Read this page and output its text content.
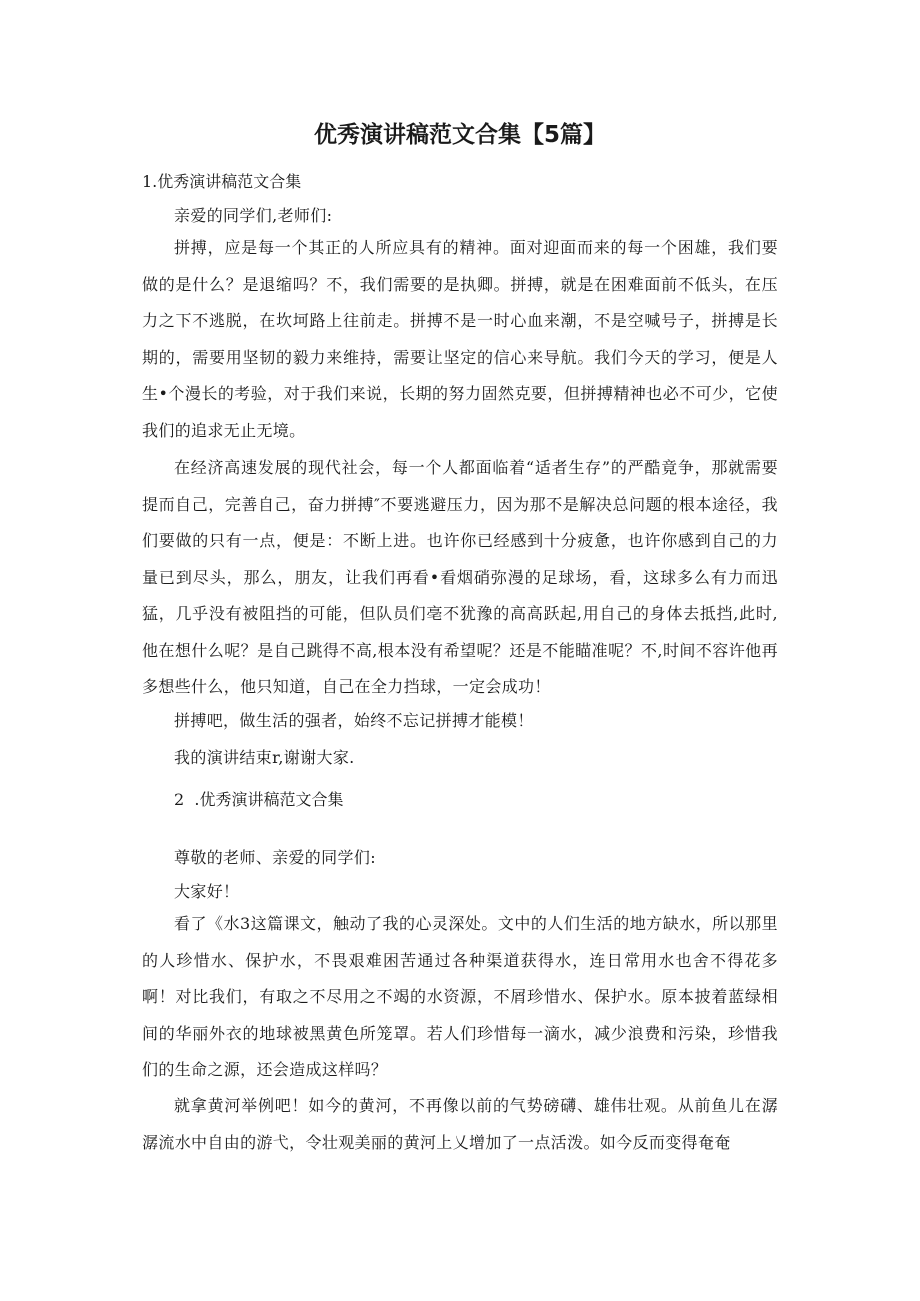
优秀演讲稿范文合集【5篇】
1.优秀演讲稿范文合集
亲爱的同学们,老师们:
拼搏，应是每一个其正的人所应具有的精神。面对迎面而来的每一个困雄，我们要做的是什么？是退缩吗？不，我们需要的是执卿。拼搏，就是在困难面前不低头，在压力之下不逃脱，在坎坷路上往前走。拼搏不是一时心血来潮，不是空喊号子，拼搏是长期的，需要用坚韧的毅力来维持，需要让坚定的信心来导航。我们今天的学习，便是人生•个漫长的考验，对于我们来说，长期的努力固然克要，但拼搏精神也必不可少，它使我们的追求无止无境。
在经济高速发展的现代社会，每一个人都面临着“适者生存”的严酷竟争，那就需要提而自己，完善自己，奋力拼搏″不要逃避压力，因为那不是解决总问题的根本途径，我们要做的只有一点，便是：不断上进。也许你已经感到十分疲惫，也许你感到自己的力量已到尽头，那么，朋友，让我们再看•看烟硝弥漫的足球场，看，这球多么有力而迅猛，几乎没有被阻挡的可能，但队员们亳不犹豫的高高跃起,用自己的身体去抵挡,此时,他在想什么呢？是自己跳得不高,根本没有希望呢？还是不能瞄准呢？不,时间不容许他再多想些什么，他只知道，自己在全力挡球，一定会成功！
拼搏吧，做生活的强者，始终不忘记拼搏才能模！
我的演讲结束r,谢谢大家.
2  .优秀演讲稿范文合集
尊敬的老师、亲爱的同学们:
大家好！
看了《水3这篇课文，触动了我的心灵深处。文中的人们生活的地方缺水，所以那里的人珍惜水、保护水，不畏艰难困苦通过各种渠道获得水，连日常用水也舍不得花多啊！对比我们，有取之不尽用之不竭的水资源，不屑珍惜水、保护水。原本披着蓝绿相间的华丽外衣的地球被黑黄色所笼罩。若人们珍惜每一滴水，减少浪费和污染，珍惜我们的生命之源，还会造成这样吗？
就拿黄河举例吧！如今的黄河，不再像以前的气势磅礴、雄伟壮观。从前鱼儿在潺潺流水中自由的游弋，令壮观美丽的黄河上乂增加了一点活泼。如今反而变得奄奄
